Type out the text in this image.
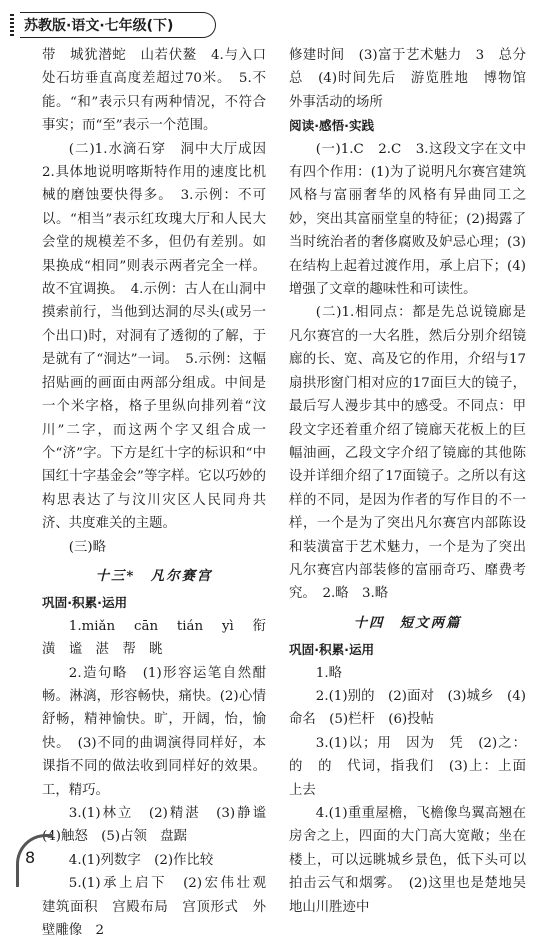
苏教版·语文·七年级(下)

带　城犹潜蛇　山若伏鳌　4.与入口处石坊垂直高度差超过70米。　5.不能。“和”表示只有两种情况，不符合事实；而“至”表示一个范围。

(二)1.水滴石穿　洞中大厅成因　2.具体地说明喀斯特作用的速度比机械的磨蚀要快得多。　3.示例：不可以。“相当”表示红玫瑰大厅和人民大会堂的规模差不多，但仍有差别。如果换成“相同”则表示两者完全一样。故不宜调换。　4.示例：古人在山洞中摸索前行，当他到达洞的尽头(或另一个出口)时，对洞有了透彻的了解，于是就有了“洞达”一词。　5.示例：这幅招贴画的画面由两部分组成。中间是一个米字格，格子里纵向排列着“汶川”二字，而这两个字又组合成一个“济”字。下方是红十字的标识和“中国红十字基金会”等字样。它以巧妙的构思表达了与汶川灾区人民同舟共济、共度难关的主题。

(三)略

十三*　凡尔赛宫

巩固·积累·运用

1.miǎn　cān　tián　yì　衔　潢　谧　湛　帮　眺

2.造句略　(1)形容运笔自然酣畅。淋漓，形容畅快，痛快。(2)心情舒畅，精神愉快。旷，开阔，怡，愉快。　(3)不同的曲调演得同样好，本课指不同的做法收到同样好的效果。工，精巧。

3.(1)林立　(2)精湛　(3)静谧　(4)触怒　(5)占领　盘踞

4.(1)列数字　(2)作比较

5.(1)承上启下　(2)宏伟壮观　建筑面积　宫殿布局　宫顶形式　外壁雕像　2

修建时间　(3)富于艺术魅力　3　总分总　(4)时间先后　游览胜地　博物馆　外事活动的场所

阅读·感悟·实践

(一)1.C　2.C　3.这段文字在文中有四个作用：(1)为了说明凡尔赛宫建筑风格与富丽奢华的风格有异曲同工之妙，突出其富丽堂皇的特征；(2)揭露了当时统治者的奢侈腐败及妒忌心理；(3)在结构上起着过渡作用，承上启下；(4)增强了文章的趣味性和可读性。

(二)1.相同点：都是先总说镜廊是凡尔赛宫的一大名胜，然后分别介绍镜廊的长、宽、高及它的作用，介绍与17扇拱形窗门相对应的17面巨大的镜子，最后写人漫步其中的感受。不同点：甲段文字还着重介绍了镜廊天花板上的巨幅油画，乙段文字介绍了镜廊的其他陈设并详细介绍了17面镜子。之所以有这样的不同，是因为作者的写作目的不一样，一个是为了突出凡尔赛宫内部陈设和装潢富于艺术魅力，一个是为了突出凡尔赛宫内部装修的富丽奇巧、靡费考究。　2.略　3.略

十四　短文两篇

巩固·积累·运用

1.略

2.(1)别的　(2)面对　(3)城乡　(4)命名　(5)栏杆　(6)投帖

3.(1)以；用　因为　凭　(2)之：的　的　代词，指我们　(3)上：上面　上去

4.(1)重重屋檐，飞檐像鸟翼高翘在房舍之上，四面的大门高大宽敞；坐在楼上，可以远眺城乡景色，低下头可以拍击云气和烟雾。　(2)这里也是楚地吴地山川胜迹中

8
